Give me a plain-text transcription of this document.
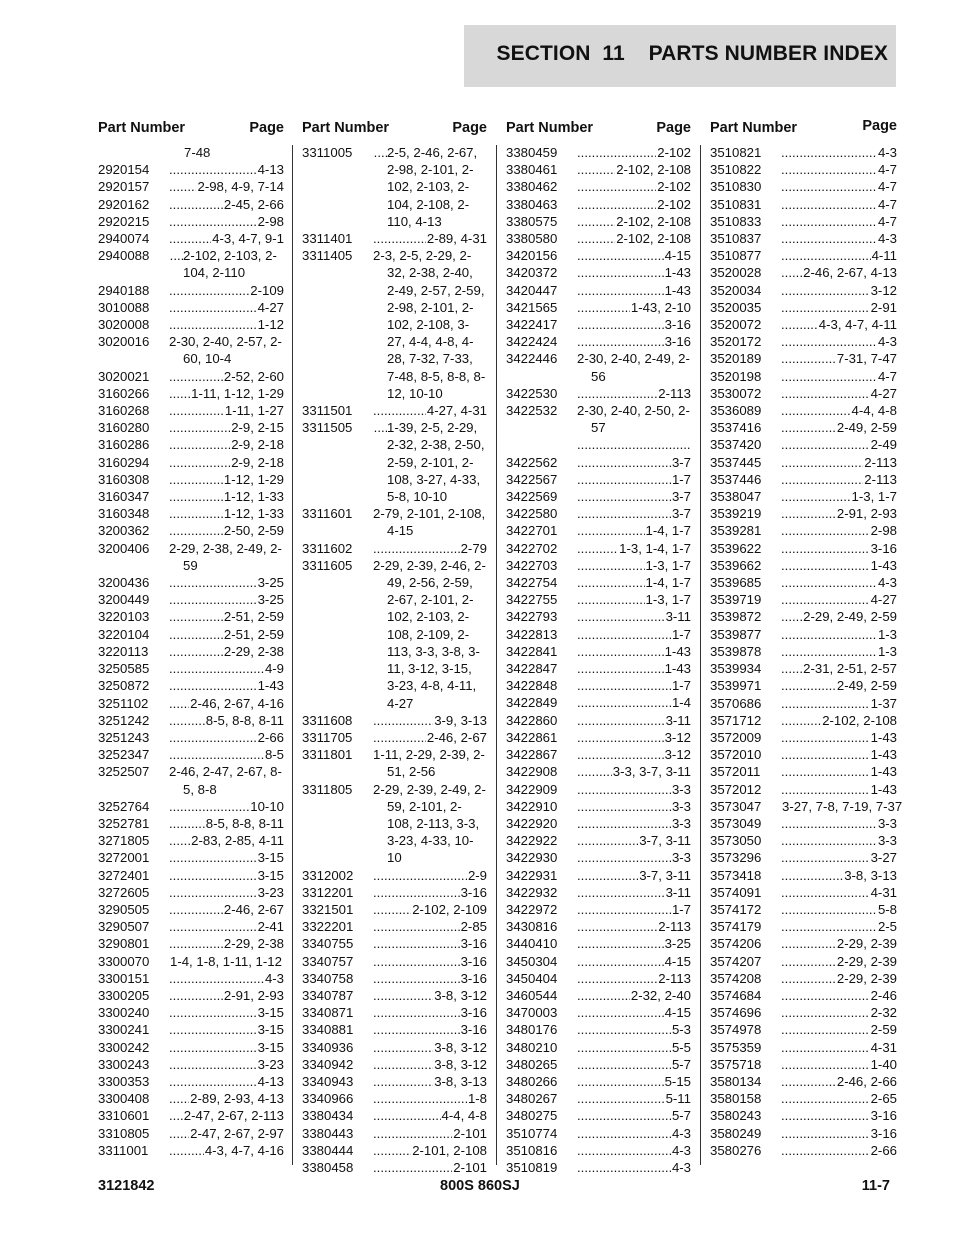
SECTION  11    PARTS NUMBER INDEX
Part Number	Page
7-48
2920154 .....	4-13
2920157 .....	2-98, 4-9, 7-14
2920162 .....	2-45, 2-66
2920215 .....	2-98
2940074 .....	4-3, 4-7, 9-1
2940088 .....	2-102, 2-103, 2-104, 2-110
2940188 .....	2-109
3010088 .....	4-27
3020008 .....	1-12
3020016	2-30, 2-40, 2-57, 2-60, 10-4
3020021 .....	2-52, 2-60
3160266 .....	1-11, 1-12, 1-29
3160268 .....	1-11, 1-27
3160280 .....	2-9, 2-15
3160286 .....	2-9, 2-18
3160294 .....	2-9, 2-18
3160308 .....	1-12, 1-29
3160347 .....	1-12, 1-33
3160348 .....	1-12, 1-33
3200362 .....	2-50, 2-59
3200406	2-29, 2-38, 2-49, 2-59
3200436 .....	3-25
3200449 .....	3-25
3220103 .....	2-51, 2-59
3220104 .....	2-51, 2-59
3220113 .....	2-29, 2-38
3250585 .....	4-9
3250872 .....	1-43
3251102 .....	2-46, 2-67, 4-16
3251242 .....	8-5, 8-8, 8-11
3251243 .....	2-66
3252347 .....	8-5
3252507	2-46, 2-47, 2-67, 8-5, 8-8
3252764 .....	10-10
3252781 .....	8-5, 8-8, 8-11
3271805 .....	2-83, 2-85, 4-11
3272001 .....	3-15
3272401 .....	3-15
3272605 .....	3-23
3290505 .....	2-46, 2-67
3290507 .....	2-41
3290801 .....	2-29, 2-38
3300070	1-4, 1-8, 1-11, 1-12
3300151 .....	4-3
3300205 .....	2-91, 2-93
3300240 .....	3-15
3300241 .....	3-15
3300242 .....	3-15
3300243 .....	3-23
3300353 .....	4-13
3300408 .....	2-89, 2-93, 4-13
3310601 .....	2-47, 2-67, 2-113
3310805 .....	2-47, 2-67, 2-97
3311001 .....	4-3, 4-7, 4-16
Part Number	Page
3311005 .....	2-5, 2-46, 2-67, 2-98, 2-101, 2-102, 2-103, 2-104, 2-108, 2-110, 4-13
3311401 .....	2-89, 4-31
3311405	2-3, 2-5, 2-29, 2-32, 2-38, 2-40, 2-49, 2-57, 2-59, 2-98, 2-101, 2-102, 2-108, 3-27, 4-4, 4-8, 4-28, 7-32, 7-33, 7-48, 8-5, 8-8, 8-12, 10-10
3311501 .....	4-27, 4-31
3311505 .....	1-39, 2-5, 2-29, 2-32, 2-38, 2-50, 2-59, 2-101, 2-108, 3-27, 4-33, 5-8, 10-10
3311601	2-79, 2-101, 2-108, 4-15
3311602 .....	2-79
3311605	2-29, 2-39, 2-46, 2-49, 2-56, 2-59, 2-67, 2-101, 2-102, 2-103, 2-108, 2-109, 2-113, 3-3, 3-8, 3-11, 3-12, 3-15, 3-23, 4-8, 4-11, 4-27
3311608 .....	3-9, 3-13
3311705 .....	2-46, 2-67
3311801	1-11, 2-29, 2-39, 2-51, 2-56
3311805	2-29, 2-39, 2-49, 2-59, 2-101, 2-108, 2-113, 3-3, 3-23, 4-33, 10-10
3312002 .....	2-9
3312201 .....	3-16
3321501 .....	2-102, 2-109
3322201 .....	2-85
3340755 .....	3-16
3340757 .....	3-16
3340758 .....	3-16
3340787 .....	3-8, 3-12
3340871 .....	3-16
3340881 .....	3-16
3340936 .....	3-8, 3-12
3340942 .....	3-8, 3-12
3340943 .....	3-8, 3-13
3340966 .....	1-8
3380434 .....	4-4, 4-8
3380443 .....	2-101
3380444 .....	2-101, 2-108
3380458 .....	2-101
Part Number	Page
3380459 .....	2-102
3380461 .....	2-102, 2-108
3380462 .....	2-102
3380463 .....	2-102
3380575 .....	2-102, 2-108
3380580 .....	2-102, 2-108
3420156 .....	4-15
3420372 .....	1-43
3420447 .....	1-43
3421565 .....	1-43, 2-10
3422417 .....	3-16
3422424 .....	3-16
3422446	2-30, 2-40, 2-49, 2-56
3422530 .....	2-113
3422532	2-30, 2-40, 2-50, 2-57
.....
3422562 .....	3-7
3422567 .....	1-7
3422569 .....	3-7
3422580 .....	3-7
3422701 .....	1-4, 1-7
3422702 .....	1-3, 1-4, 1-7
3422703 .....	1-3, 1-7
3422754 .....	1-4, 1-7
3422755 .....	1-3, 1-7
3422793 .....	3-11
3422813 .....	1-7
3422841 .....	1-43
3422847 .....	1-43
3422848 .....	1-7
3422849 .....	1-4
3422860 .....	3-11
3422861 .....	3-12
3422867 .....	3-12
3422908 .....	3-3, 3-7, 3-11
3422909 .....	3-3
3422910 .....	3-3
3422920 .....	3-3
3422922 .....	3-7, 3-11
3422930 .....	3-3
3422931 .....	3-7, 3-11
3422932 .....	3-11
3422972 .....	1-7
3430816 .....	2-113
3440410 .....	3-25
3450304 .....	4-15
3450404 .....	2-113
3460544 .....	2-32, 2-40
3470003 .....	4-15
3480176 .....	5-3
3480210 .....	5-5
3480265 .....	5-7
3480266 .....	5-15
3480267 .....	5-11
3480275 .....	5-7
3510774 .....	4-3
3510816 .....	4-3
3510819 .....	4-3
Part Number	Page
3510821 .....	4-3
3510822 .....	4-7
3510830 .....	4-7
3510831 .....	4-7
3510833 .....	4-7
3510837 .....	4-3
3510877 .....	4-11
3520028 .....	2-46, 2-67, 4-13
3520034 .....	3-12
3520035 .....	2-91
3520072 .....	4-3, 4-7, 4-11
3520172 .....	4-3
3520189 .....	7-31, 7-47
3520198 .....	4-7
3530072 .....	4-27
3536089 .....	4-4, 4-8
3537416 .....	2-49, 2-59
3537420 .....	2-49
3537445 .....	2-113
3537446 .....	2-113
3538047 .....	1-3, 1-7
3539219 .....	2-91, 2-93
3539281 .....	2-98
3539622 .....	3-16
3539662 .....	1-43
3539685 .....	4-3
3539719 .....	4-27
3539872 .....	2-29, 2-49, 2-59
3539877 .....	1-3
3539878 .....	1-3
3539934 .....	2-31, 2-51, 2-57
3539971 .....	2-49, 2-59
3570686 .....	1-37
3571712 .....	2-102, 2-108
3572009 .....	1-43
3572010 .....	1-43
3572011 .....	1-43
3572012 .....	1-43
3573047	3-27, 7-8, 7-19, 7-37
3573049 .....	3-3
3573050 .....	3-3
3573296 .....	3-27
3573418 .....	3-8, 3-13
3574091 .....	4-31
3574172 .....	5-8
3574179 .....	2-5
3574206 .....	2-29, 2-39
3574207 .....	2-29, 2-39
3574208 .....	2-29, 2-39
3574684 .....	2-46
3574696 .....	2-32
3574978 .....	2-59
3575359 .....	4-31
3575718 .....	1-40
3580134 .....	2-46, 2-66
3580158 .....	2-65
3580243 .....	3-16
3580249 .....	3-16
3580276 .....	2-66
3121842	800S 860SJ	11-7
